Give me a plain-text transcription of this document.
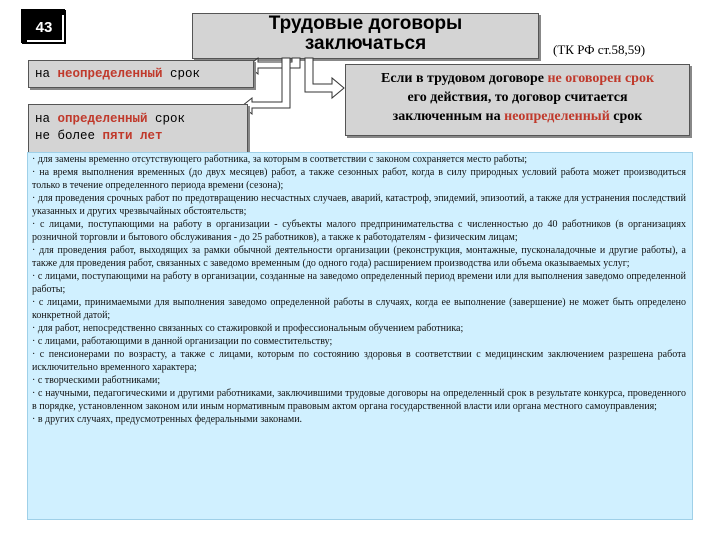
43	Трудовые договоры
заключаться	(ТК РФ ст.58,59)
на неопределенный срок
на определенный срок
не более пяти лет
Если в трудовом договоре не оговорен срок
его действия, то договор считается
заключенным на неопределенный срок
· для замены временно отсутствующего работника, за которым в соответствии с законом сохраняется место работы;
· на время выполнения временных (до двух месяцев) работ, а также сезонных работ, когда в силу природных условий работа может производиться только в течение определенного периода времени (сезона);
· для проведения срочных работ по предотвращению несчастных случаев, аварий, катастроф, эпидемий, эпизоотий, а также для устранения последствий указанных и других чрезвычайных обстоятельств;
· с лицами, поступающими на работу в организации - субъекты малого предпринимательства с численностью до 40 работников (в организациях розничной торговли и бытового обслуживания - до 25 работников), а также к работодателям - физическим лицам;
· для проведения работ, выходящих за рамки обычной деятельности организации (реконструкция, монтажные, пусконаладочные и другие работы), а также для проведения работ, связанных с заведомо временным (до одного года) расширением производства или объема оказываемых услуг;
· с лицами, поступающими на работу в организации, созданные на заведомо определенный период времени или для выполнения заведомо определенной работы;
· с лицами, принимаемыми для выполнения заведомо определенной работы в случаях, когда ее выполнение (завершение) не может быть определено конкретной датой;
· для работ, непосредственно связанных со стажировкой и профессиональным обучением работника;
· с лицами, работающими в данной организации по совместительству;
· с пенсионерами по возрасту, а также с лицами, которым по состоянию здоровья в соответствии с медицинским заключением разрешена работа исключительно временного характера;
· с творческими работниками;
· с научными, педагогическими и другими работниками, заключившими трудовые договоры на определенный срок в результате конкурса, проведенного в порядке, установленном законом или иным нормативным правовым актом органа государственной власти или органа местного самоуправления;
· в других случаях, предусмотренных федеральными законами.
